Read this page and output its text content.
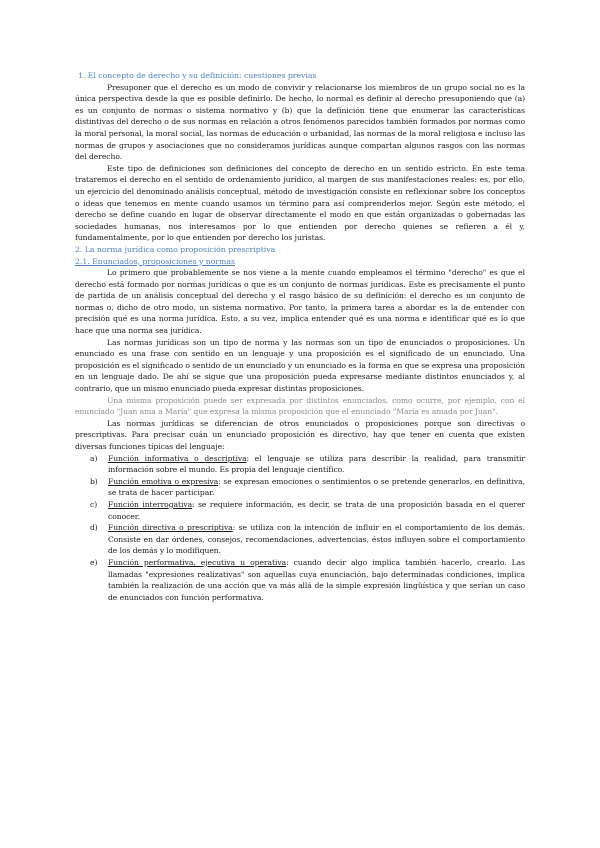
1. El concepto de derecho y su definición: cuestiones previas

Presuponer que el derecho es un modo de convivir y relacionarse los miembros de un grupo social no es la única perspectiva desde la que es posible definirlo. De hecho, lo normal es definir al derecho presuponiendo que (a) es un conjunto de normas o sistema normativo y (b) que la definición tiene que enumerar las características distintivas del derecho o de sus normas en relación a otros fenómenos parecidos también formados por normas como la moral personal, la moral social, las normas de educación o urbanidad, las normas de la moral religiosa e incluso las normas de grupos y asociaciones que no consideramos jurídicas aunque compartan algunos rasgos con las normas del derecho.

Este tipo de definiciones son definiciones del concepto de derecho en un sentido estricto. En este tema trataremos el derecho en el sentido de ordenamiento jurídico, al margen de sus manifestaciones reales: es, por ello, un ejercicio del denominado análisis conceptual, método de investigación consiste en reflexionar sobre los conceptos o ideas que tenemos en mente cuando usamos un término para así comprenderlos mejor. Según este método, el derecho se define cuando en lugar de observar directamente el modo en que están organizadas o gobernadas las sociedades humanas, nos interesamos por lo que entienden por derecho quienes se refieren a él y, fundamentalmente, por lo que entienden por derecho los juristas.

2. La norma jurídica como proposición prescriptiva

2.1. Enunciados, proposiciones y normas

Lo primero que probablemente se nos viene a la mente cuando empleamos el término "derecho" es que el derecho está formado por normas jurídicas o que es un conjunto de normas jurídicas. Este es precisamente el punto de partida de un análisis conceptual del derecho y el rasgo básico de su definición: el derecho es un conjunto de normas o, dicho de otro modo, un sistema normativo. Por tanto, la primera tarea a abordar es la de entender con precisión qué es una norma jurídica. Esto, a su vez, implica entender qué es una norma e identificar qué es lo que hace que una norma sea jurídica.

Las normas jurídicas son un tipo de norma y las normas son un tipo de enunciados o proposiciones. Un enunciado es una frase con sentido en un lenguaje y una proposición es el significado de un enunciado. Una proposición es el significado o sentido de un enunciado y un enunciado es la forma en que se expresa una proposición en un lenguaje dado. De ahí se sigue que una proposición pueda expresarse mediante distintos enunciados y, al contrario, que un mismo enunciado pueda expresar distintas proposiciones.

Una misma proposición puede ser expresada por distintos enunciados, como ocurre, por ejemplo, con el enunciado "Juan ama a María" que expresa la misma proposición que el enunciado "María es amada por Juan".

Las normas jurídicas se diferencian de otros enunciados o proposiciones porque son directivas o prescriptivas. Para precisar cuán un enunciado proposición es directivo, hay que tener en cuenta que existen diversas funciones típicas del lenguaje:

a) Función informativa o descriptiva: el lenguaje se utiliza para describir la realidad, para transmitir información sobre el mundo. Es propia del lenguaje científico.
b) Función emotiva o expresiva: se expresan emociones o sentimientos o se pretende generarlos, en definitiva, se trata de hacer participar.
c) Función interrogativa: se requiere información, es decir, se trata de una proposición basada en el querer conocer.
d) Función directiva o prescriptiva: se utiliza con la intención de influir en el comportamiento de los demás. Consiste en dar órdenes, consejos, recomendaciones, advertencias, éstos influyen sobre el comportamiento de los demás y lo modifiquen.
e) Función performativa, ejecutiva u operativa: cuando decir algo implica también hacerlo, crearlo. Las llamadas "expresiones realizativas" son aquellas cuya enunciación, bajo determinadas condiciones, implica también la realización de una acción que va más allá de la simple expresión lingüística y que serían un caso de enunciados con función performativa.
